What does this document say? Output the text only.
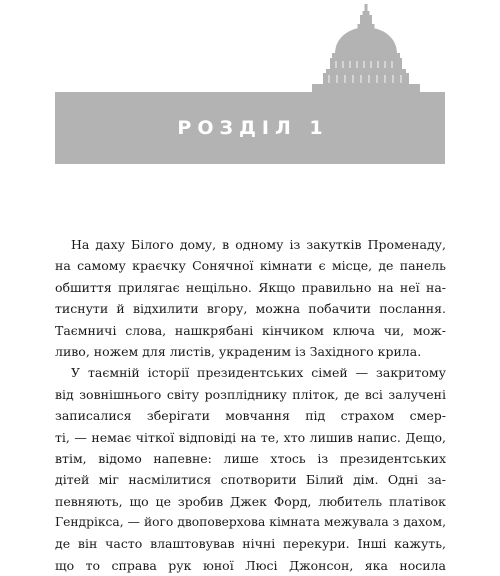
РОЗДІЛ 1

На даху Білого дому, в одному із закутків Променаду,
на самому краєчку Сонячної кімнати є місце, де панель
обшиття прилягає нещільно. Якщо правильно на неї на-
тиснути й відхилити вгору, можна побачити послання.
Таємничі слова, нашкрябані кінчиком ключа чи, мож-
ливо, ножем для листів, украденим із Західного крила.

У таємній історії президентських сімей — закритому
від зовнішнього світу розпліднику пліток, де всі залучені
записалися зберігати мовчання під страхом смер-
ті, — немає чіткої відповіді на те, хто лишив напис. Дещо,
втім, відомо напевне: лише хтось із президентських
дітей міг насмілитися спотворити Білий дім. Одні за-
певняють, що це зробив Джек Форд, любитель платівок
Гендрікса, — його двоповерхова кімната межувала з дахом,
де він часто влаштовував нічні перекури. Інші кажуть,
що то справа рук юної Люсі Джонсон, яка носила
